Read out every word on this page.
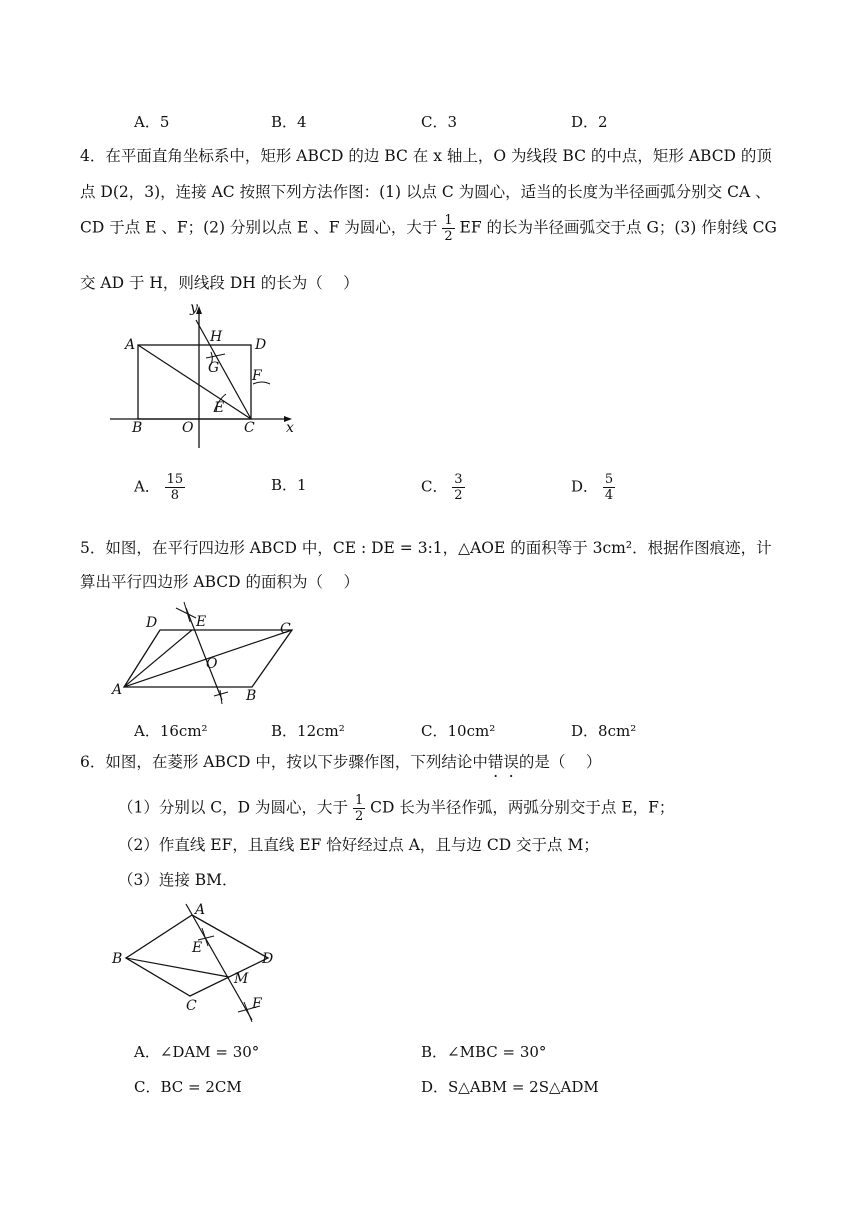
A．5	B．4	C．3	D．2
4．在平面直角坐标系中，矩形 ABCD 的边 BC 在 x 轴上，O 为线段 BC 的中点，矩形 ABCD 的顶
点 D(2，3)，连接 AC 按照下列方法作图：(1) 以点 C 为圆心，适当的长度为半径画弧分别交 CA 、
CD 于点 E 、F；(2) 分别以点 E 、F 为圆心，大于 $\frac{1}{2}$ EF 的长为半径画弧交于点 G；(3) 作射线 CG
交 AD 于 H，则线段 DH 的长为（　 ）
y
x
A
B	C
D
O
H
G F
E
A． $\frac{15}{8}$	B．1	C． $\frac{3}{2}$	D． $\frac{5}{4}$
5．如图，在平行四边形 ABCD 中，CE : DE = 3:1，△AOE 的面积等于 3cm²．根据作图痕迹，计
算出平行四边形 ABCD 的面积为（　 ）
D	E	C
O
A	B
A．16cm²	B．12cm²	C．10cm²	D．8cm²
6．如图，在菱形 ABCD 中，按以下步骤作图，下列结论中错误的是（　 ）
（1）分别以 C，D 为圆心，大于 $\frac{1}{2}$ CD 长为半径作弧，两弧分别交于点 E，F；
（2）作直线 EF，且直线 EF 恰好经过点 A，且与边 CD 交于点 M；
（3）连接 BM．
A
B
C
D
E
M
F
A．∠DAM = 30°	B．∠MBC = 30°
C．BC = 2CM	D．S△ABM = 2S△ADM
